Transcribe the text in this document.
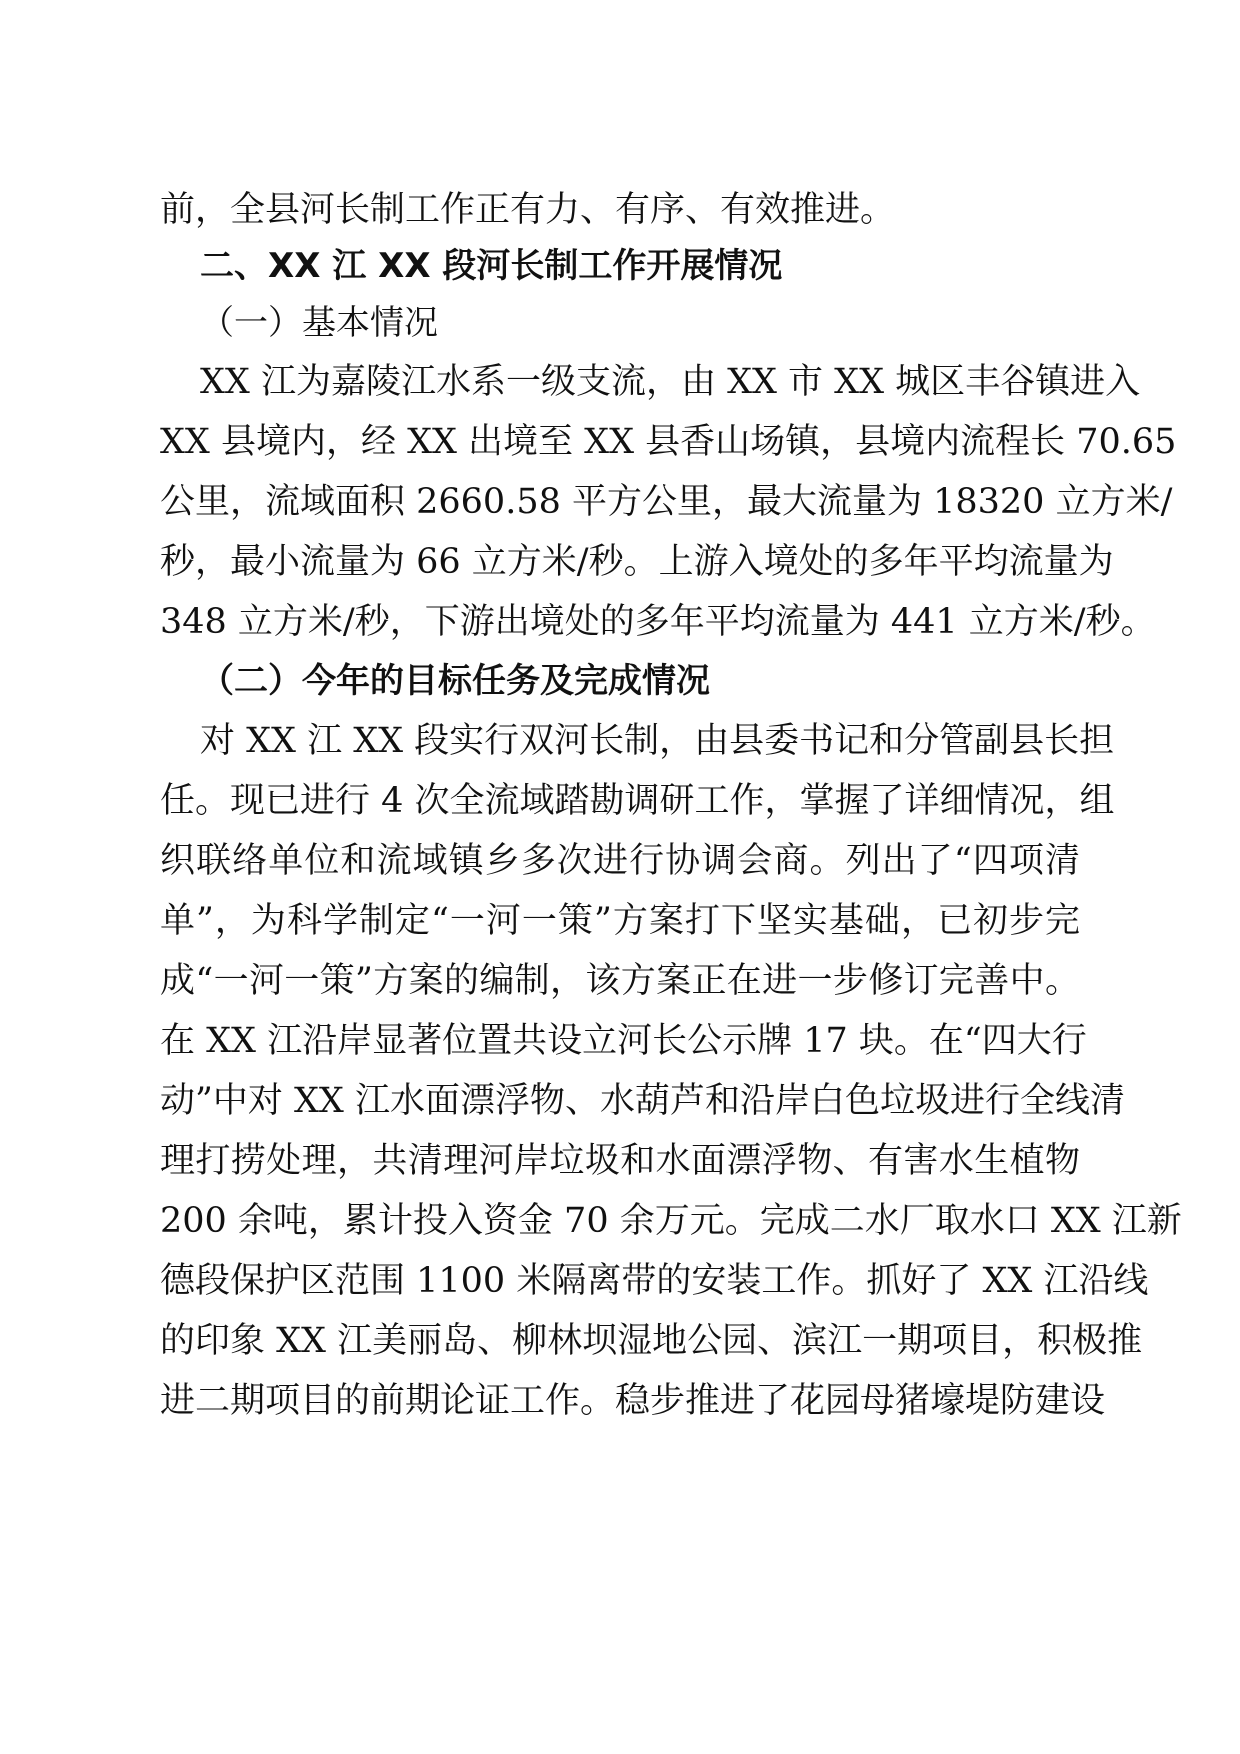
前，全县河长制工作正有力、有序、有效推进。
二、XX 江 XX 段河长制工作开展情况
（一）基本情况
XX 江为嘉陵江水系一级支流，由 XX 市 XX 城区丰谷镇进入
XX 县境内，经 XX 出境至 XX 县香山场镇，县境内流程长 70.65
公里，流域面积 2660.58 平方公里，最大流量为 18320 立方米/
秒，最小流量为 66 立方米/秒。上游入境处的多年平均流量为
348 立方米/秒，下游出境处的多年平均流量为 441 立方米/秒。
（二）今年的目标任务及完成情况
对 XX 江 XX 段实行双河长制，由县委书记和分管副县长担
任。现已进行 4 次全流域踏勘调研工作，掌握了详细情况，组
织联络单位和流域镇乡多次进行协调会商。列出了“四项清
单”，为科学制定“一河一策”方案打下坚实基础，已初步完
成“一河一策”方案的编制，该方案正在进一步修订完善中。
在 XX 江沿岸显著位置共设立河长公示牌 17 块。在“四大行
动”中对 XX 江水面漂浮物、水葫芦和沿岸白色垃圾进行全线清
理打捞处理，共清理河岸垃圾和水面漂浮物、有害水生植物
200 余吨，累计投入资金 70 余万元。完成二水厂取水口 XX 江新
德段保护区范围 1100 米隔离带的安装工作。抓好了 XX 江沿线
的印象 XX 江美丽岛、柳林坝湿地公园、滨江一期项目，积极推
进二期项目的前期论证工作。稳步推进了花园母猪壕堤防建设
